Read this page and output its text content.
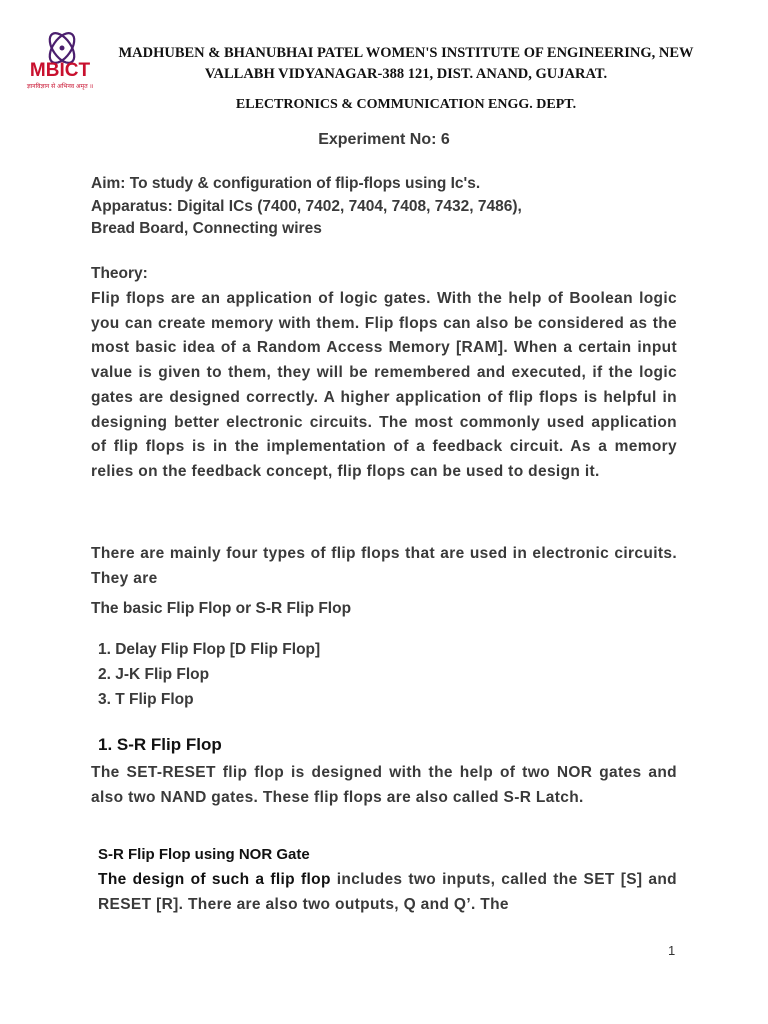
MBICT
ज्ञानविज्ञान से अभिनव अमृत ॥
MADHUBEN & BHANUBHAI PATEL WOMEN'S INSTITUTE OF ENGINEERING, NEW
VALLABH VIDYANAGAR-388 121, DIST. ANAND, GUJARAT.
ELECTRONICS & COMMUNICATION ENGG. DEPT.
Experiment No: 6
Aim: To study & configuration of flip-flops using Ic's.
Apparatus: Digital ICs (7400, 7402, 7404, 7408, 7432, 7486),
Bread Board, Connecting wires
Theory:
Flip flops are an application of logic gates. With the help of Boolean logic you can create memory with them. Flip flops can also be considered as the most basic idea of a Random Access Memory [RAM]. When a certain input value is given to them, they will be remembered and executed, if the logic gates are designed correctly. A higher application of flip flops is helpful in designing better electronic circuits. The most commonly used application of flip flops is in the implementation of a feedback circuit. As a memory relies on the feedback concept, flip flops can be used to design it.
There are mainly four types of flip flops that are used in electronic circuits. They are
The basic Flip Flop or S-R Flip Flop
1. Delay Flip Flop [D Flip Flop]
2. J-K Flip Flop
3. T Flip Flop
1. S-R Flip Flop
The SET-RESET flip flop is designed with the help of two NOR gates and also two NAND gates. These flip flops are also called S-R Latch.
S-R Flip Flop using NOR Gate
The design of such a flip flop includes two inputs, called the SET [S] and RESET [R]. There are also two outputs, Q and Q’. The
1
